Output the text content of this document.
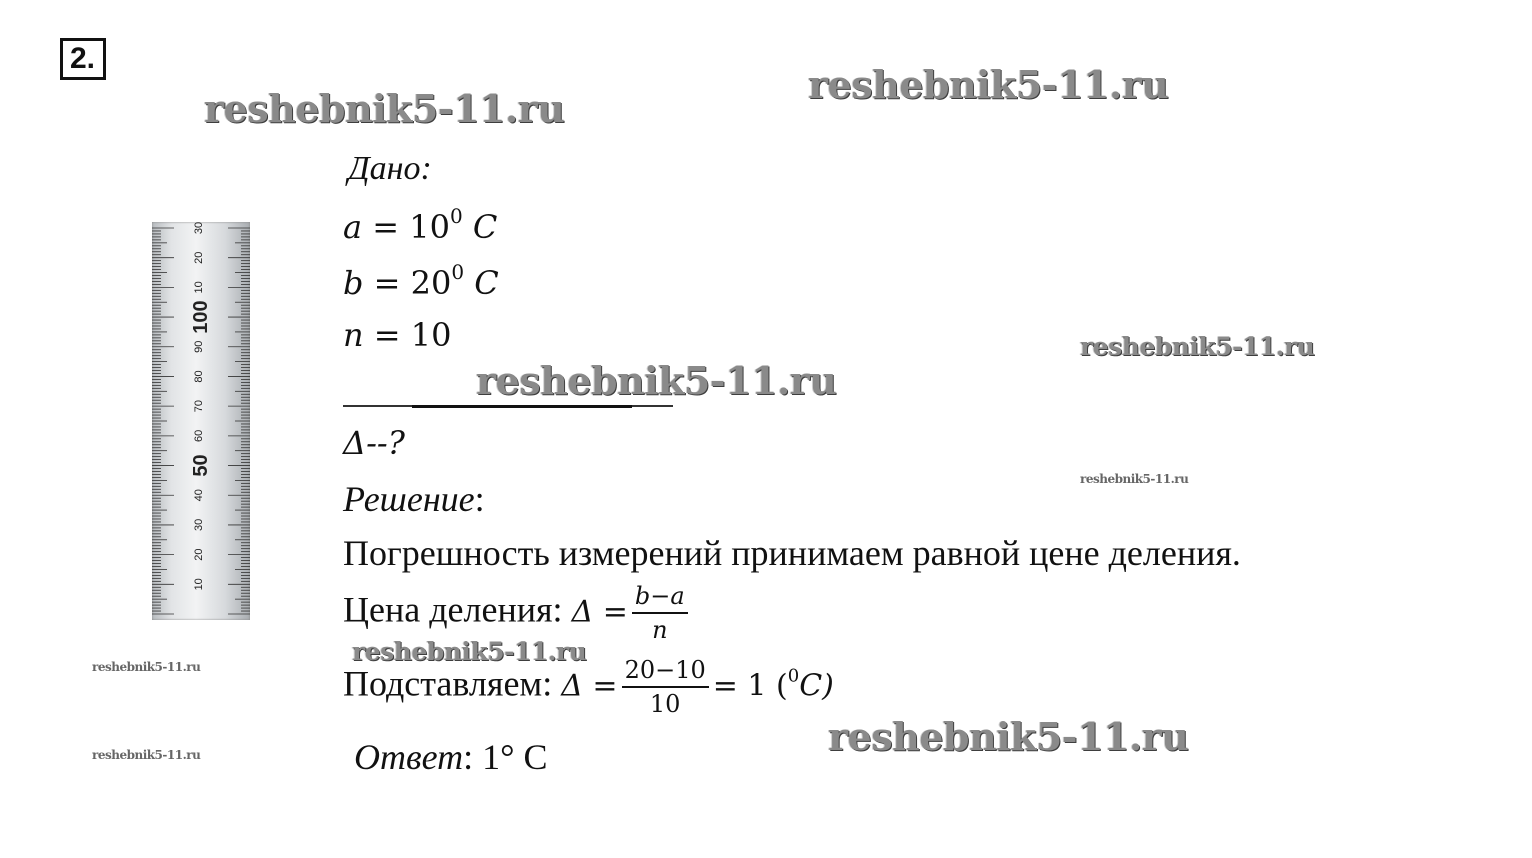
2.
reshebnik5-11.ru
reshebnik5-11.ru
reshebnik5-11.ru
reshebnik5-11.ru
reshebnik5-11.ru
reshebnik5-11.ru
reshebnik5-11.ru
reshebnik5-11.ru
reshebnik5-11.ru
10
20
30
40
50
60
70
80
90
100
10
20
30
Дано:
$a = 10^0$ C
$b = 20^0$ C
n = 10
Δ--?
Решение:
Погрешность измерений принимаем равной цене деления.
Цена деления: $\Delta = \frac{b-a}{n}$
Подставляем: $\Delta = \frac{20-10}{10} = 1$ ($^0$C)
Ответ: 1° C
